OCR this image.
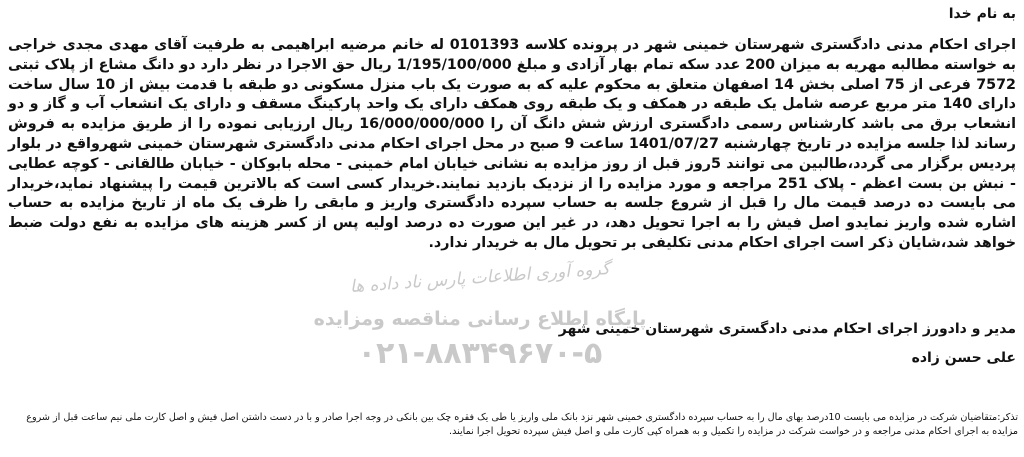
به نام خدا
اجرای احکام مدنی دادگستری شهرستان خمینی شهر در پرونده کلاسه 0101393 له خانم مرضیه ابراهیمی به طرفیت آقای مهدی مجدی خراجی به خواسته مطالبه مهریه به میزان 200 عدد سکه تمام بهار آزادی و مبلغ 1/195/100/000 ریال حق الاجرا در نظر دارد دو دانگ مشاع از پلاک ثبتی 7572 فرعی از 75 اصلی بخش 14 اصفهان متعلق به محکوم علیه که به صورت یک باب منزل مسکونی دو طبقه با قدمت بیش از 10 سال ساخت دارای 140 متر مربع عرصه شامل یک طبقه در همکف و یک طبقه روی همکف دارای یک واحد پارکینگ مسقف و دارای یک انشعاب آب و گاز و دو انشعاب برق می باشد کارشناس رسمی دادگستری ارزش شش دانگ آن را 16/000/000/000 ریال ارزیابی نموده را از طریق مزایده به فروش رساند لذا جلسه مزایده در تاریخ چهارشنبه 1401/07/27 ساعت 9 صبح در محل اجرای احکام مدنی دادگستری شهرستان خمینی شهرواقع در بلوار پردیس برگزار می گردد،طالبین می توانند 5روز قبل از روز مزایده به نشانی خیابان امام خمینی - محله بابوکان - خیابان طالقانی - کوچه عطایی - نبش بن بست اعظم - پلاک 251 مراجعه و مورد مزایده را از نزدیک بازدید نمایند.خریدار کسی است که بالاترین قیمت را پیشنهاد نماید،خریدار می بایست ده درصد قیمت مال را قبل از شروع جلسه به حساب سپرده دادگستری واریز و مابقی را ظرف یک ماه از تاریخ مزایده به حساب اشاره شده واریز نمایدو اصل فیش را به اجرا تحویل دهد، در غیر این صورت ده درصد اولیه پس از کسر هزینه های مزایده به نفع دولت ضبط خواهد شد،شایان ذکر است اجرای احکام مدنی تکلیفی بر تحویل مال به خریدار ندارد.
گروه آوری اطلاعات پارس ناد داده ها
پایگاه اطلاع رسانی مناقصه ومزایده
۰۲۱-۸۸۳۴۹۶۷۰-۵
مدیر و دادورز اجرای احکام مدنی دادگستری شهرستان خمینی شهر
علی حسن زاده
تذکر:متقاضیان شرکت در مزایده می بایست 10درصد بهای مال را به حساب سپرده دادگستری خمینی شهر نزد بانک ملی واریز یا طی یک فقره چک بین بانکی در وجه اجرا صادر و با در دست داشتن اصل فیش و اصل کارت ملی نیم ساعت قبل از شروع مزایده به اجرای احکام مدنی مراجعه و در خواست شرکت در مزایده را تکمیل و به همراه کپی کارت ملی و اصل فیش سپرده تحویل اجرا نمایند.
